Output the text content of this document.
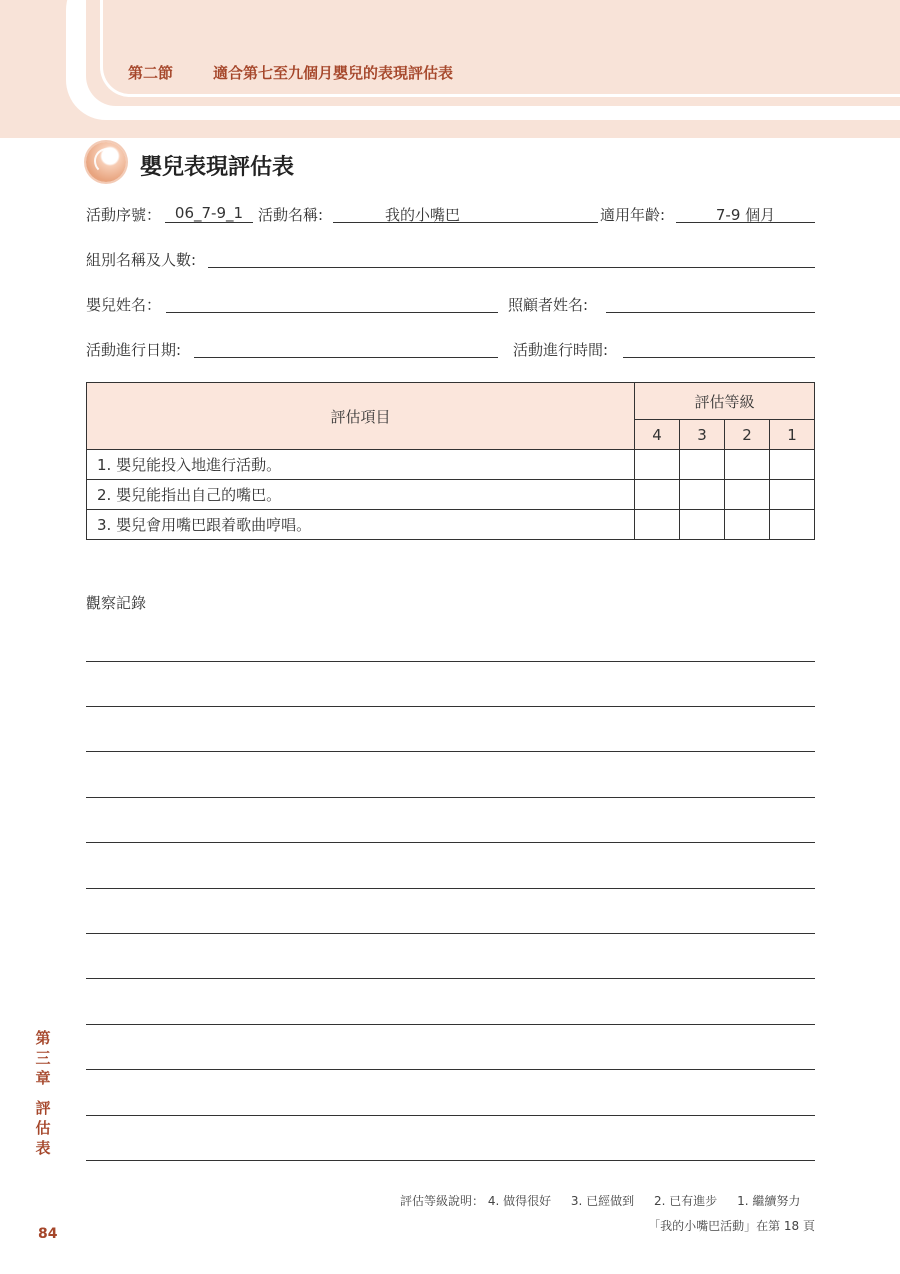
第二節	適合第七至九個月嬰兒的表現評估表
嬰兒表現評估表
活動序號： 06_7-9_1 活動名稱:	我的小嘴巴	適用年齡:	7-9 個月
組別名稱及人數:
嬰兒姓名：	照顧者姓名:
活動進行日期:	活動進行時間:
評估項目	評估等級			
	4	3	2	1
1. 嬰兒能投入地進行活動。				
2. 嬰兒能指出自己的嘴巴。				
3. 嬰兒會用嘴巴跟着歌曲哼唱。				
觀察記錄
第
三
章
評
估
表
84
評估等級說明： 4. 做得很好 3. 已經做到 2. 已有進步 1. 繼續努力
「我的小嘴巴活動」在第 18 頁
